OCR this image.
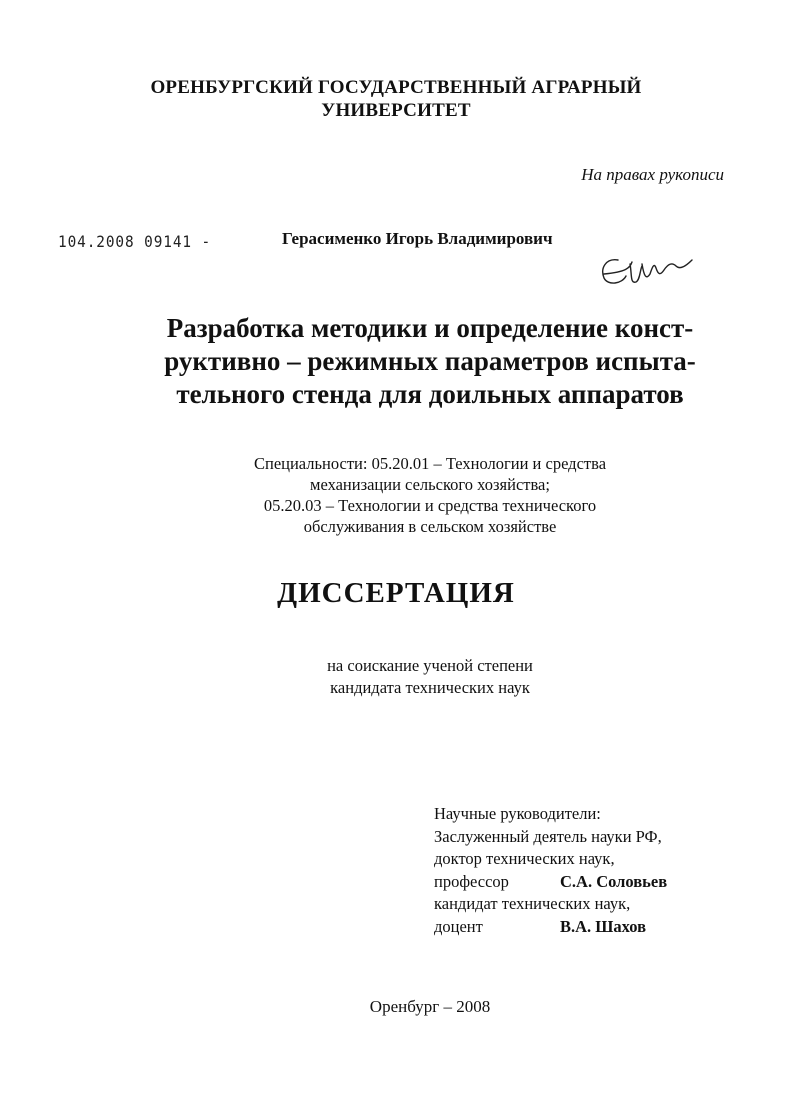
ОРЕНБУРГСКИЙ ГОСУДАРСТВЕННЫЙ АГРАРНЫЙ
УНИВЕРСИТЕТ
На правах рукописи
104.2008 09141 -	Герасименко Игорь Владимирович
Разработка методики и определение конст-
руктивно – режимных параметров испыта-
тельного стенда для доильных аппаратов
Специальности: 05.20.01 – Технологии и средства
механизации сельского хозяйства;
05.20.03 – Технологии и средства технического
обслуживания в сельском хозяйстве
ДИССЕРТАЦИЯ
на соискание ученой степени
кандидата технических наук
Научные руководители:
Заслуженный деятель науки РФ,
доктор технических наук,
профессор	С.А. Соловьев
кандидат технических наук,
доцент	В.А. Шахов
Оренбург – 2008
